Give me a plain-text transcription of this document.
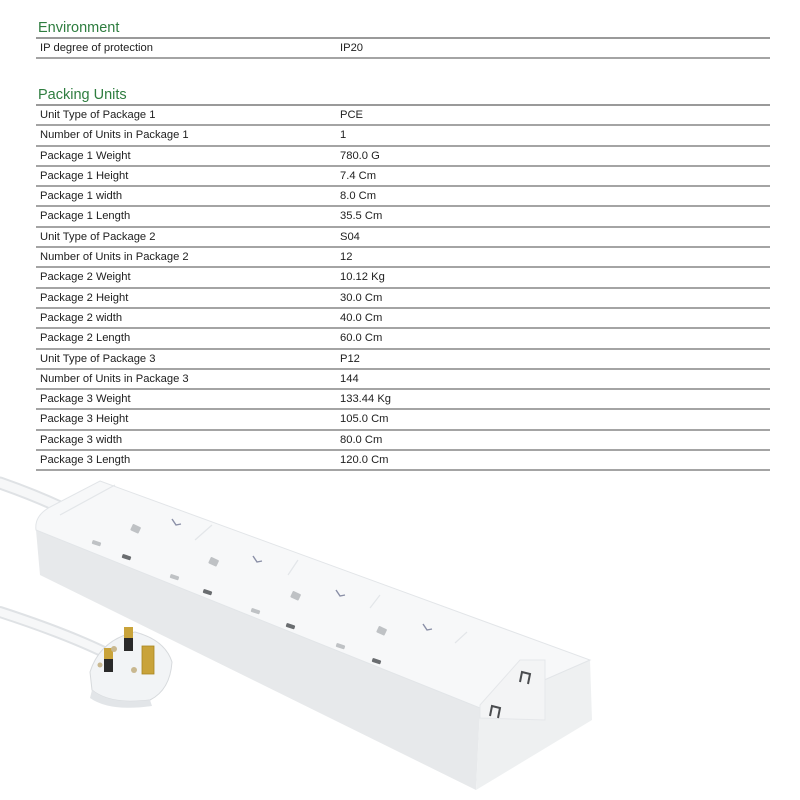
Environment
IP degree of protection	IP20
Packing Units
Unit Type of Package 1	PCE
Number of Units in Package 1	1
Package 1 Weight	780.0 G
Package 1 Height	7.4 Cm
Package 1 width	8.0 Cm
Package 1 Length	35.5 Cm
Unit Type of Package 2	S04
Number of Units in Package 2	12
Package 2 Weight	10.12 Kg
Package 2 Height	30.0 Cm
Package 2 width	40.0 Cm
Package 2 Length	60.0 Cm
Unit Type of Package 3	P12
Number of Units in Package 3	144
Package 3 Weight	133.44 Kg
Package 3 Height	105.0 Cm
Package 3 width	80.0 Cm
Package 3 Length	120.0 Cm
